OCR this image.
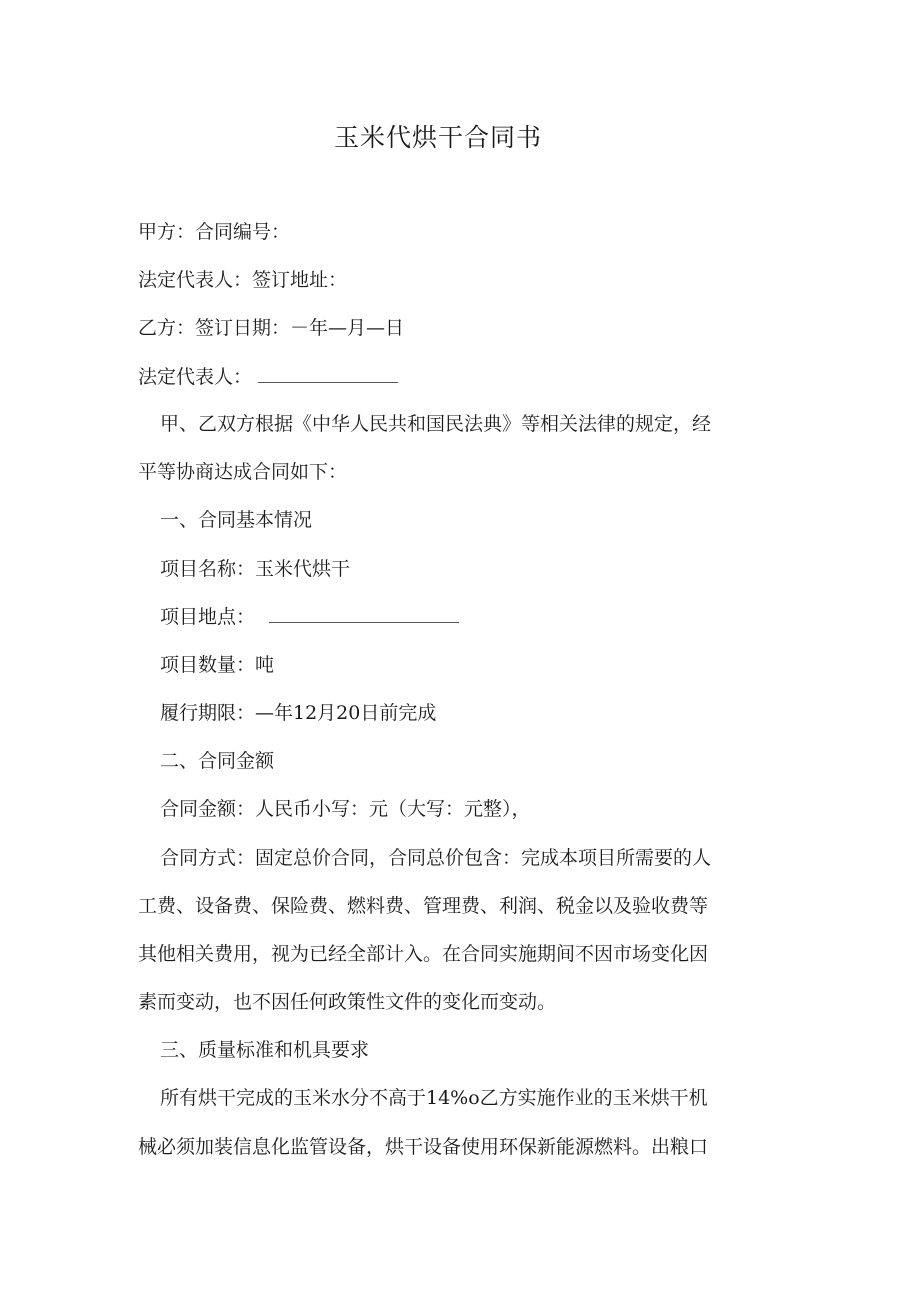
玉米代烘干合同书
甲方：合同编号：
法定代表人：签订地址：
乙方：签订日期：－年—月—日
法定代表人：
甲、乙双方根据《中华人民共和国民法典》等相关法律的规定，经
平等协商达成合同如下：
一、合同基本情况
项目名称：玉米代烘干
项目地点：
项目数量：吨
履行期限：—年12月20日前完成
二、合同金额
合同金额：人民币小写：元（大写：元整），
合同方式：固定总价合同，合同总价包含：完成本项目所需要的人
工费、设备费、保险费、燃料费、管理费、利润、税金以及验收费等
其他相关费用，视为已经全部计入。在合同实施期间不因市场变化因
素而变动，也不因任何政策性文件的变化而变动。
三、质量标准和机具要求
所有烘干完成的玉米水分不高于14%o乙方实施作业的玉米烘干机
械必须加装信息化监管设备，烘干设备使用环保新能源燃料。出粮口
